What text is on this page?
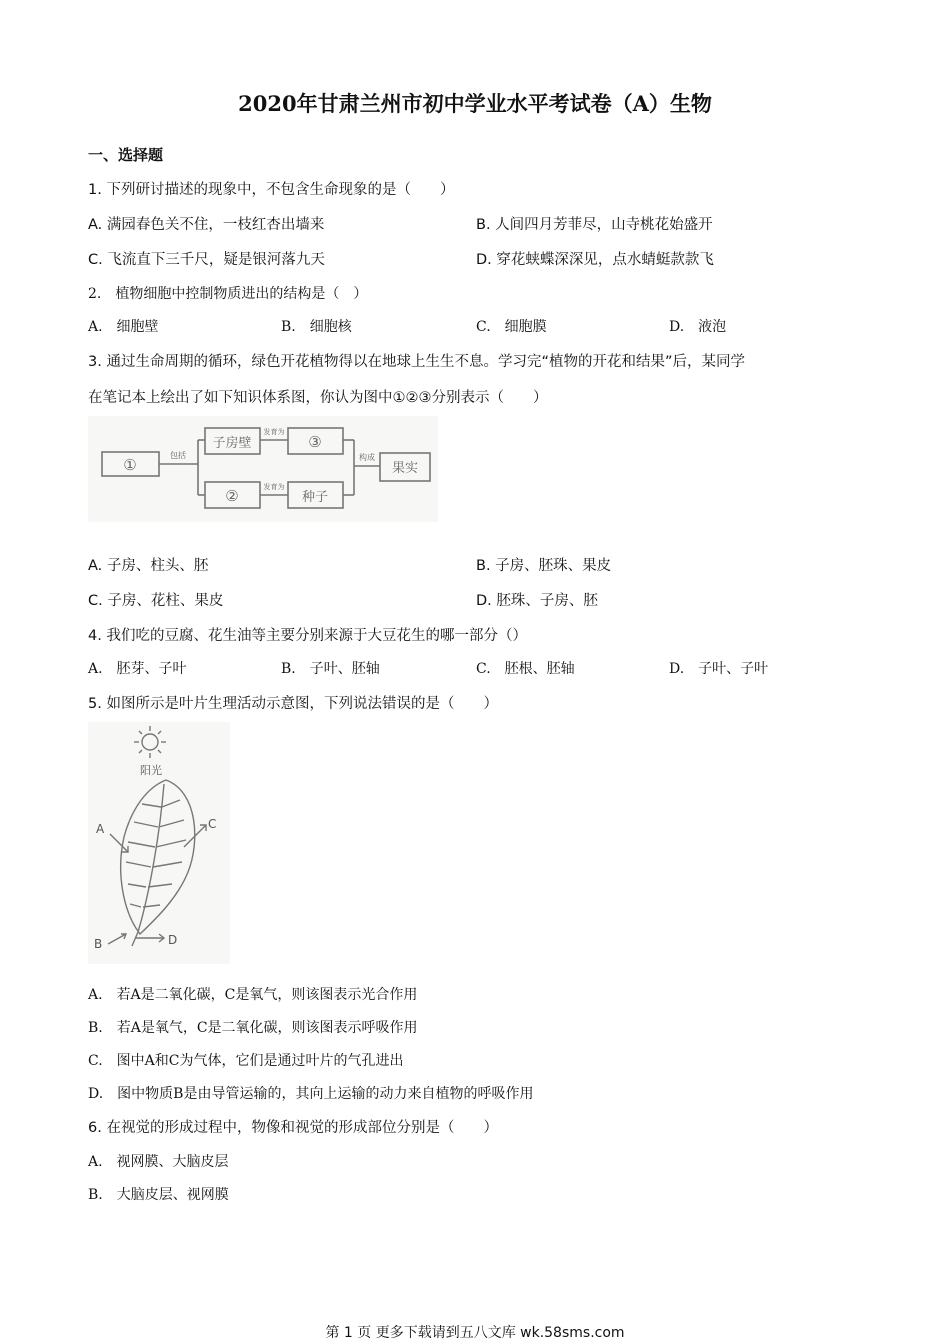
2020年甘肃兰州市初中学业水平考试卷（A）生物
一、选择题
1. 下列研讨描述的现象中，不包含生命现象的是（　　）
A. 满园春色关不住，一枝红杏出墙来	B. 人间四月芳菲尽，山寺桃花始盛开
C. 飞流直下三千尺，疑是银河落九天	D. 穿花蛱蝶深深见，点水蜻蜓款款飞
2.　植物细胞中控制物质进出的结构是（　）
A.　细胞壁	B.　细胞核	C.　细胞膜	D.　液泡
3. 通过生命周期的循环，绿色开花植物得以在地球上生生不息。学习完“植物的开花和结果”后，某同学
在笔记本上绘出了如下知识体系图，你认为图中①②③分别表示（　　）
①
包括
子房壁
发育为
③
②	发育为
种子
构成
果实
A. 子房、柱头、胚	B. 子房、胚珠、果皮
C. 子房、花柱、果皮	D. 胚珠、子房、胚
4. 我们吃的豆腐、花生油等主要分别来源于大豆花生的哪一部分（）
A.　胚芽、子叶	B.　子叶、胚轴	C.　胚根、胚轴	D.　子叶、子叶
5. 如图所示是叶片生理活动示意图，下列说法错误的是（　　）
阳光
A	C
B	D
A.　若A是二氧化碳，C是氧气，则该图表示光合作用
B.　若A是氧气，C是二氧化碳，则该图表示呼吸作用
C.　图中A和C为气体，它们是通过叶片的气孔进出
D.　图中物质B是由导管运输的，其向上运输的动力来自植物的呼吸作用
6. 在视觉的形成过程中，物像和视觉的形成部位分别是（　　）
A.　视网膜、大脑皮层
B.　大脑皮层、视网膜
第 1 页 更多下载请到五八文库 wk.58sms.com
